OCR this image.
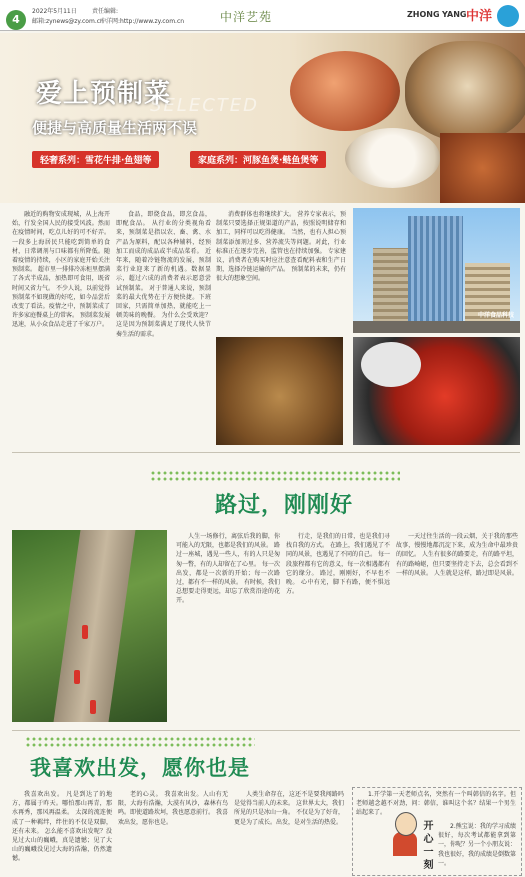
4
2022年5月11日
邮箱:zynews@zy.com.cn
责任编辑:
中洋网:http://www.zy.com.cn	中洋艺苑	ZHONG YANG 中洋
爱上预制菜
SELECTED
便捷与高质量生活两不误
轻奢系列：雪花牛排·鱼翅等	家庭系列：河豚鱼煲·鲢鱼煲等

融近的购物安成现城，从上海开始，行发全国人民的接受风波。然而在疫情时间，吃点儿好的可不好弄。 一段多上海居民只能吃到简单的食材，日常调剂与口味都有所降低。随着疫情的持续，小区的家庭开始关注预制菜。 超市里一排排冷冻柜里摆满了各式半成品，加热即可食用，既省时间又省力气。 不少人说，以前觉得预制菜不如现做的好吃，如今品尝后改变了看法。疫情之中，预制菜成了许多家庭餐桌上的常客。 预制菜发展迅速，从小众食品走进了千家万户。

食品，即烧食品，即烹食品，即配食品。 从行业的分类视角看来，预制菜是指以农、畜、禽、水产品为原料，配以各种辅料，经预加工而成的成品或半成品菜肴。 近年来，随着冷链物流的发展，预制菜行业迎来了新的机遇。数据显示，超过六成的消费者表示愿意尝试预制菜。 对于普通人来说，预制菜的最大优势在于方便快捷。下班回家，只需简单加热，就能吃上一顿美味的晚餐。 为什么会受欢迎？ 这是因为预制菜满足了现代人快节奏生活的需求。

消费群体也将继续扩大。 营养专家表示，预制菜只要选择正规渠道的产品，按照说明储存和加工，同样可以吃得健康。 当然，也有人担心预制菜添加剂过多、营养流失等问题。对此，行业标准正在逐步完善，监管也在持续加强。 专家建议，消费者在购买时应注意查看配料表和生产日期，选择冷链运输的产品。 预制菜的未来，仍有很大的想象空间。

中洋食品科技
路过，刚刚好

人生一场修行，离弦后我的脚，你可能入的无限，也都是我们的风景。 路过一座城，遇见一些人，有的人只是匆匆一瞥，有的人却留在了心里。 每一次出发，都是一次新的开始；每一次路过，都有不一样的风景。 有时候，我们总想要走得更远，却忘了欣赏沿途的花开。

行走，是我们的日常，也是我们寻找自我的方式。 在路上，我们遇见了不同的风景，也遇见了不同的自己。 每一段旅程都有它的意义，每一次相遇都有它的缘分。 路过，刚刚好，不早也不晚。 心中有光，脚下有路，便不惧远方。

一天过往生活的一段云烟，关于我的那些故事，慢慢地都沉淀下来，成为生命中最珍贵的回忆。 人生有很多的路要走，有的路平坦，有的路崎岖，但只要坚持走下去，总会看到不一样的风景。 人生就是这样，路过即是风景。

我喜欢出发，愿你也是

我喜欢出发。 凡是到达了的地方，都属于昨天。哪怕那山再青，那水再秀，那风再温柔。 太深的流连便成了一种羁绊，绊住的不仅是双脚，还有未来。 怎么能不喜欢出发呢？没见过大山的巍峨，真是遗憾；见了大山的巍峨没见过大海的浩瀚，仍然遗憾。

老的心灵。 我喜欢出发。人山有无限，大海有浩瀚，大漠有风沙，森林有鸟鸣。即使道路坎坷，我也愿意前行。 我喜欢出发，愿你也是。

人类生命存在，这还不是要我闯路吗是觉得当前人的未来。 这世界太大，我们所见的只是冰山一角。 不仅是为了好奇，更是为了成长。出发，是对生活的热爱。

1.开学第一天老师点名，突然有一个叫韩信的名字。但老师越念越不对劲，问：韩信，谁叫这个名？结果一个男生站起来了。

开心一刻	2.熊宝说：我的学习成绩很好，每次考试都能拿到第一，你呢？另一个小朋友说：我也很好，我的成绩是倒数第一。
